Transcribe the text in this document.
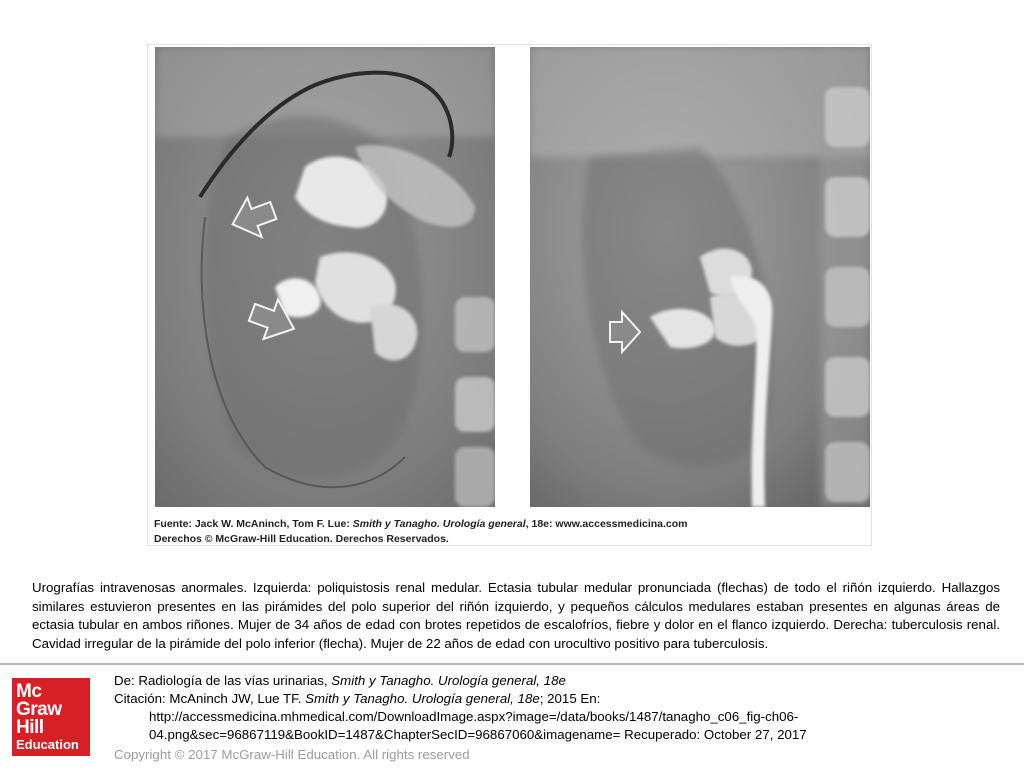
Fuente: Jack W. McAninch, Tom F. Lue: Smith y Tanagho. Urología general, 18e: www.accessmedicina.com
Derechos © McGraw-Hill Education. Derechos Reservados.
Urografías intravenosas anormales. Izquierda: poliquistosis renal medular. Ectasia tubular medular pronunciada (flechas) de todo el riñón izquierdo. Hallazgos similares estuvieron presentes en las pirámides del polo superior del riñón izquierdo, y pequeños cálculos medulares estaban presentes en algunas áreas de ectasia tubular en ambos riñones. Mujer de 34 años de edad con brotes repetidos de escalofríos, fiebre y dolor en el flanco izquierdo. Derecha: tuberculosis renal. Cavidad irregular de la pirámide del polo inferior (flecha). Mujer de 22 años de edad con urocultivo positivo para tuberculosis.
Mc
Graw
Hill
Education
De: Radiología de las vías urinarias, Smith y Tanagho. Urología general, 18e
Citación: McAninch JW, Lue TF. Smith y Tanagho. Urología general, 18e; 2015 En:
http://accessmedicina.mhmedical.com/DownloadImage.aspx?image=/data/books/1487/tanagho_c06_fig-ch06-
04.png&sec=96867119&BookID=1487&ChapterSecID=96867060&imagename= Recuperado: October 27, 2017
Copyright © 2017 McGraw-Hill Education. All rights reserved
